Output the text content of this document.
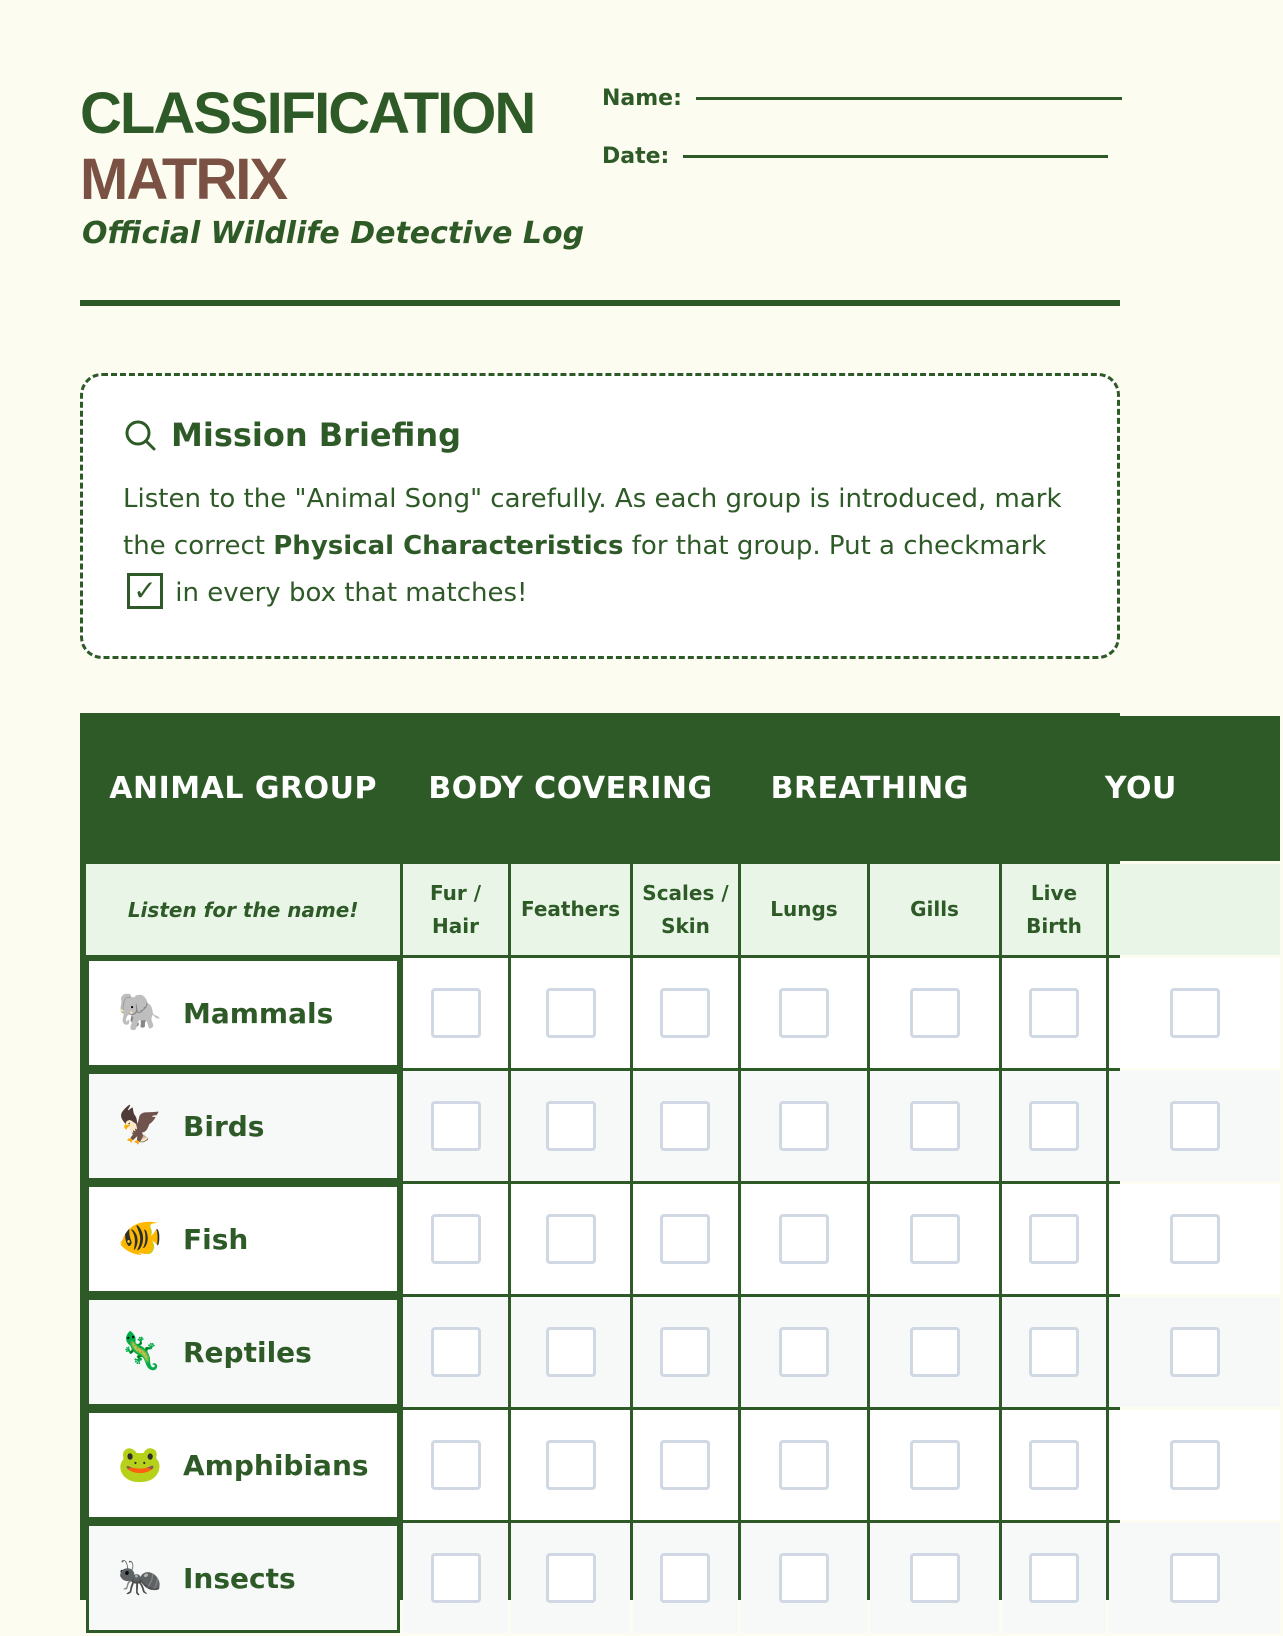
CLASSIFICATION
MATRIX
Official Wildlife Detective Log
Name:
Date:
Mission Briefing
Listen to the "Animal Song" carefully. As each group is introduced, mark the correct Physical Characteristics for that group. Put a checkmark ✓ in every box that matches!
ANIMAL GROUP	BODY COVERING			BREATHING		YOU	
Listen for the name!	Fur / Hair	Feathers	Scales / Skin	Lungs	Gills	Live Birth	

🐘 Mammals							

🦅 Birds							

🐠 Fish							

🦎 Reptiles							

🐸 Amphibians							

🐜 Insects							
